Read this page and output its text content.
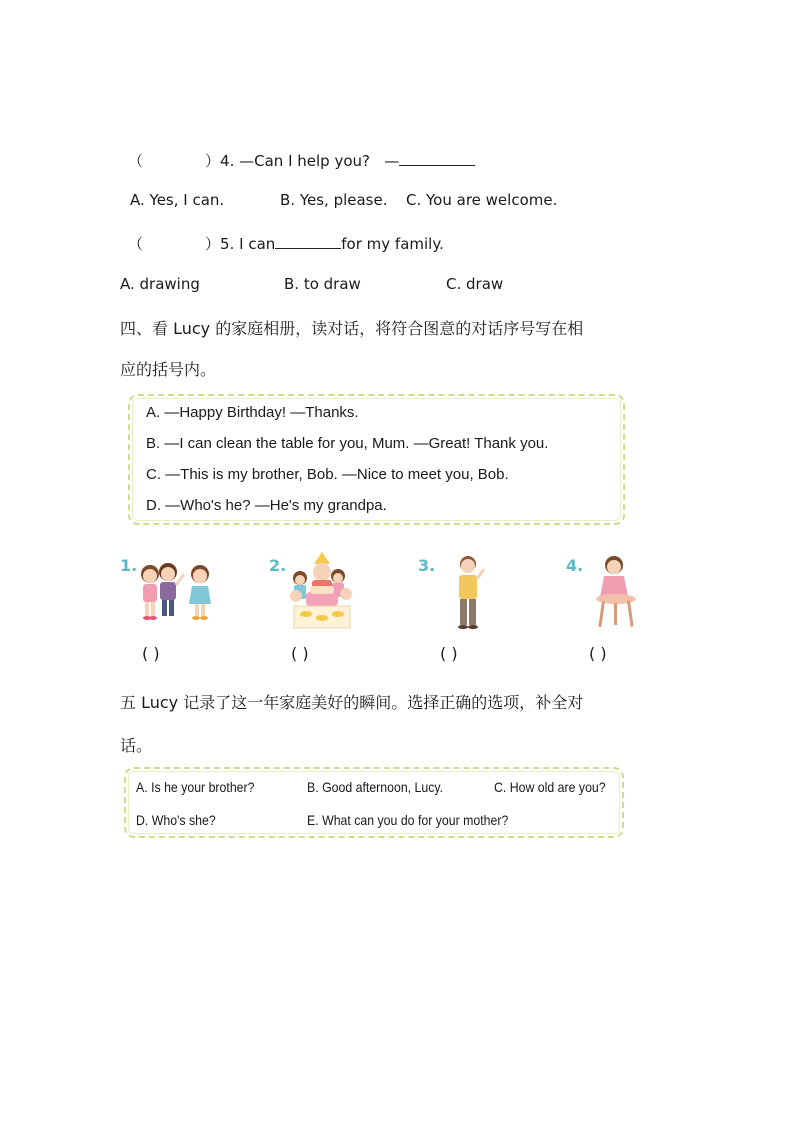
（	）4. —Can I help you? —
A. Yes, I can.	B. Yes, please. C. You are welcome.
（	）5. I can	for my family.
A. drawing	B. to draw	C. draw
四、看 Lucy 的家庭相册，读对话，将符合图意的对话序号写在相
应的括号内。
A. —Happy Birthday! —Thanks.
B. —I can clean the table for you, Mum. —Great! Thank you.
C. —This is my brother, Bob. —Nice to meet you, Bob.
D. —Who's he? —He's my grandpa.
1.	2.	3.	4.
( )	( )	( )	( )
五 Lucy 记录了这一年家庭美好的瞬间。选择正确的选项，补全对
话。
A. Is he your brother?	B. Good afternoon, Lucy.	C. How old are you?
D. Who's she?	E. What can you do for your mother?
